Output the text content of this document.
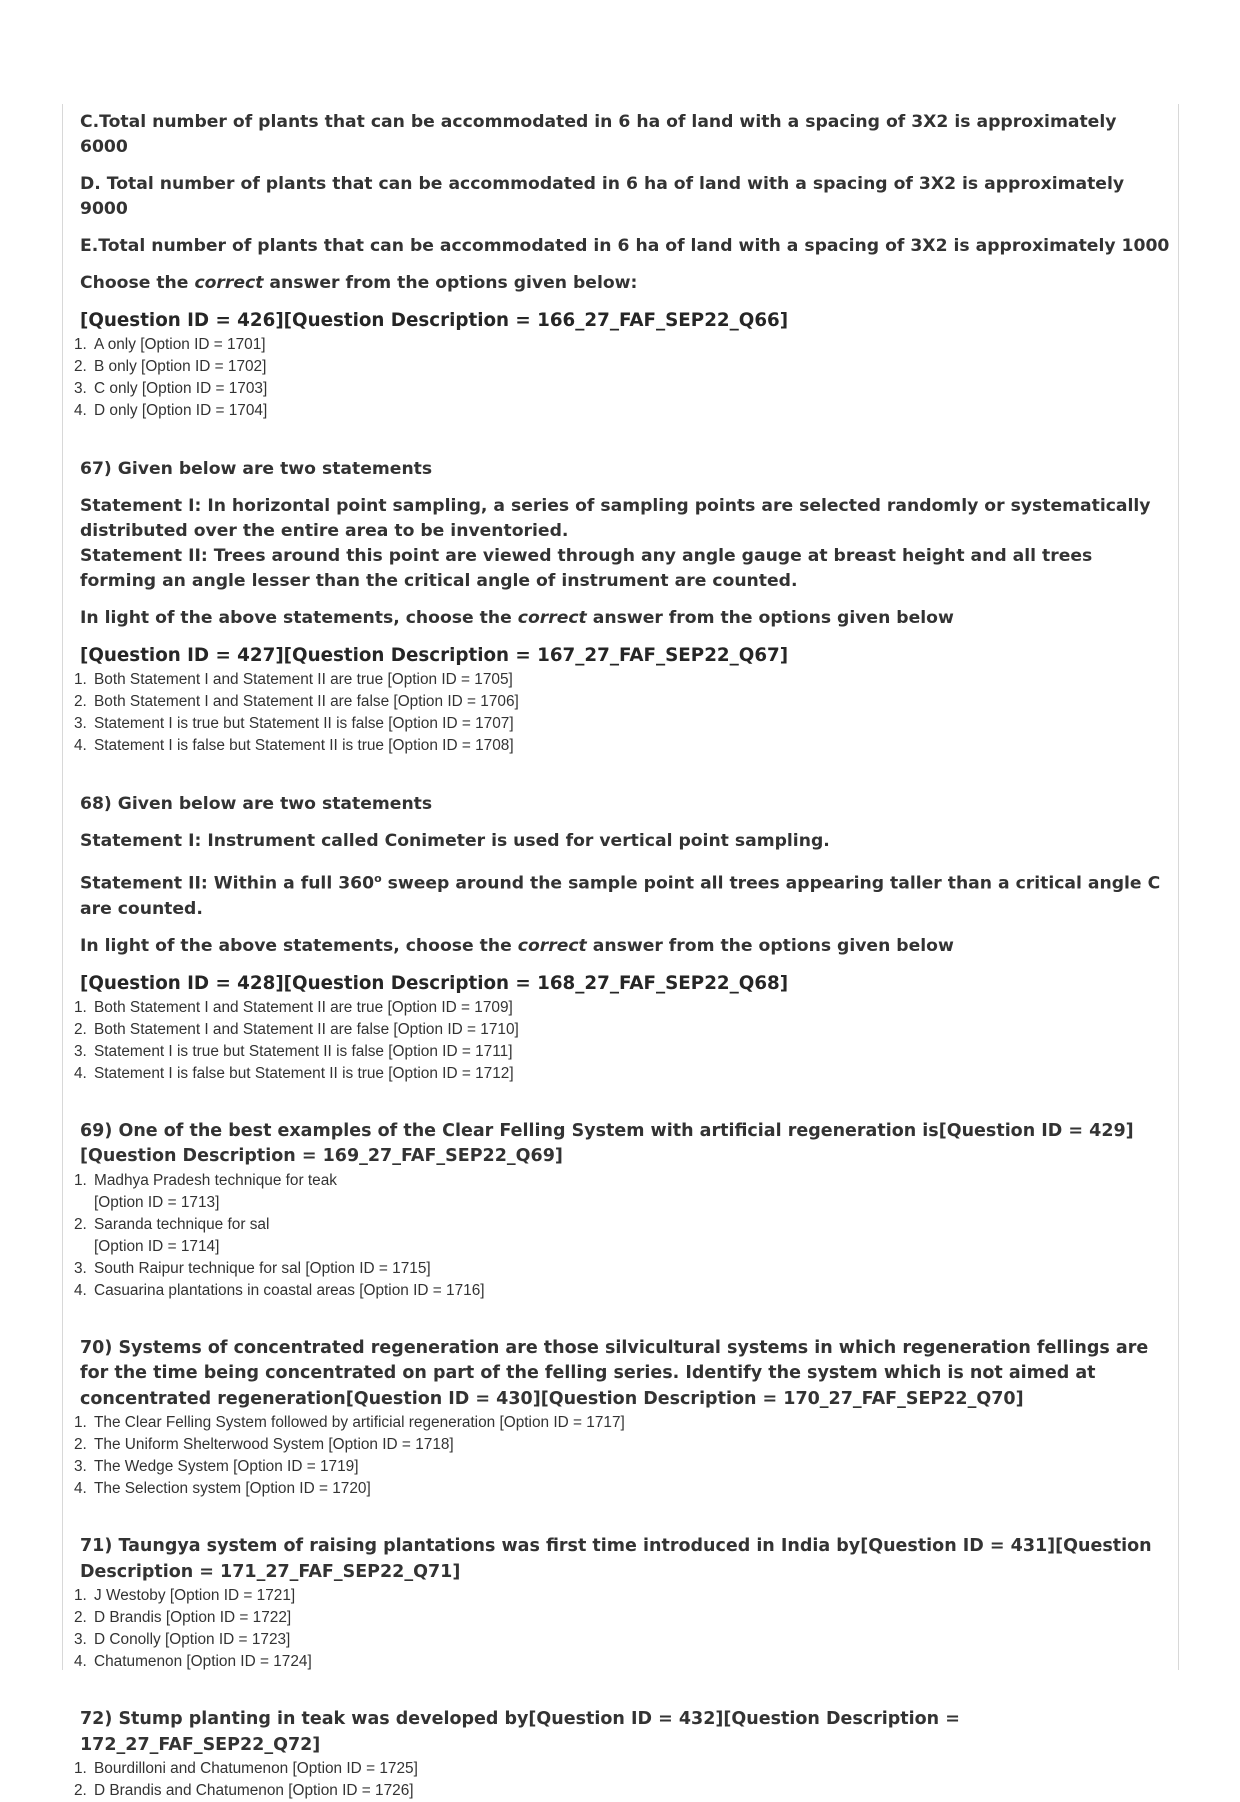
C.Total number of plants that can be accommodated in 6 ha of land with a spacing of 3X2 is approximately 6000

D. Total number of plants that can be accommodated in 6 ha of land with a spacing of 3X2 is approximately 9000

E.Total number of plants that can be accommodated in 6 ha of land with a spacing of 3X2 is approximately 1000

Choose the correct answer from the options given below:

[Question ID = 426][Question Description = 166_27_FAF_SEP22_Q66]

1. A only [Option ID = 1701]
2. B only [Option ID = 1702]
3. C only [Option ID = 1703]
4. D only [Option ID = 1704]

67) Given below are two statements

Statement I: In horizontal point sampling, a series of sampling points are selected randomly or systematically distributed over the entire area to be inventoried.

Statement II: Trees around this point are viewed through any angle gauge at breast height and all trees forming an angle lesser than the critical angle of instrument are counted.

In light of the above statements, choose the correct answer from the options given below

[Question ID = 427][Question Description = 167_27_FAF_SEP22_Q67]

1. Both Statement I and Statement II are true [Option ID = 1705]
2. Both Statement I and Statement II are false [Option ID = 1706]
3. Statement I is true but Statement II is false [Option ID = 1707]
4. Statement I is false but Statement II is true [Option ID = 1708]

68) Given below are two statements

Statement I: Instrument called Conimeter is used for vertical point sampling.

Statement II: Within a full 360$^o$ sweep around the sample point all trees appearing taller than a critical angle C are counted.

In light of the above statements, choose the correct answer from the options given below

[Question ID = 428][Question Description = 168_27_FAF_SEP22_Q68]

1. Both Statement I and Statement II are true [Option ID = 1709]
2. Both Statement I and Statement II are false [Option ID = 1710]
3. Statement I is true but Statement II is false [Option ID = 1711]
4. Statement I is false but Statement II is true [Option ID = 1712]

69) One of the best examples of the Clear Felling System with artificial regeneration is[Question ID = 429][Question Description = 169_27_FAF_SEP22_Q69]

1. Madhya Pradesh technique for teak
[Option ID = 1713]
2. Saranda technique for sal
[Option ID = 1714]
3. South Raipur technique for sal [Option ID = 1715]
4. Casuarina plantations in coastal areas [Option ID = 1716]

70) Systems of concentrated regeneration are those silvicultural systems in which regeneration fellings are for the time being concentrated on part of the felling series. Identify the system which is not aimed at concentrated regeneration[Question ID = 430][Question Description = 170_27_FAF_SEP22_Q70]

1. The Clear Felling System followed by artificial regeneration [Option ID = 1717]
2. The Uniform Shelterwood System [Option ID = 1718]
3. The Wedge System [Option ID = 1719]
4. The Selection system [Option ID = 1720]

71) Taungya system of raising plantations was first time introduced in India by[Question ID = 431][Question Description = 171_27_FAF_SEP22_Q71]

1. J Westoby [Option ID = 1721]
2. D Brandis [Option ID = 1722]
3. D Conolly [Option ID = 1723]
4. Chatumenon [Option ID = 1724]

72) Stump planting in teak was developed by[Question ID = 432][Question Description = 172_27_FAF_SEP22_Q72]

1. Bourdilloni and Chatumenon [Option ID = 1725]
2. D Brandis and Chatumenon [Option ID = 1726]
